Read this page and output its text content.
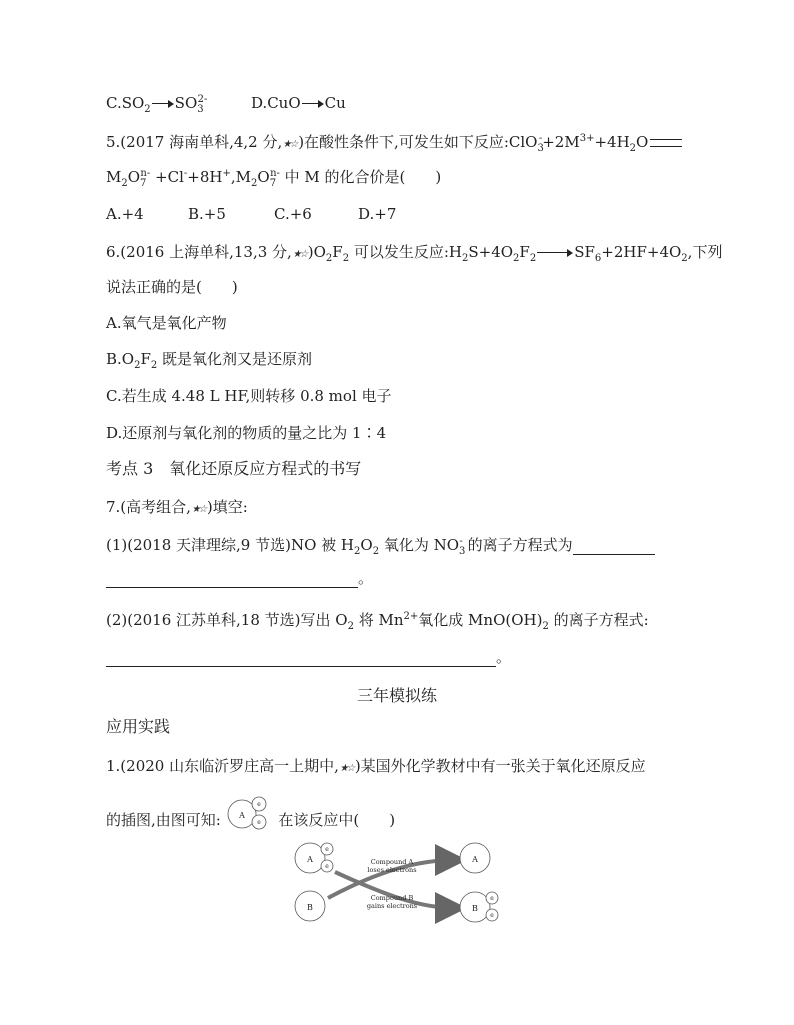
$C.SO_2$ $SO_3^{2-}$	D.CuO Cu
5.(2017 海南单科,4,2 分,★☆)在酸性条件下,可发生如下反应$:ClO_3^-+2M^{3+}+4H_2O$
$M_2O_7^{n-} +Cl^-+8H^+,M_2O_7^{n-}$ 中 M 的化合价是(　　)
A.+4	B.+5	C.+6	D.+7
6.(2016 上海单科,13,3 分$,★☆)O_2F_2$ 可以发生反应$:H_2S+4O_2F_2$	$SF_6+2HF+4O_2$,下列
说法正确的是(　　)
A.氧气是氧化产物
$B.O_2F_2$ 既是氧化剂又是还原剂
C.若生成 4.48 L HF,则转移 0.8 mol 电子
D.还原剂与氧化剂的物质的量之比为 1∶4
考点 3　氧化还原反应方程式的书写
7.(高考组合,★☆)填空:
(1)(2018 天津理综,9 节选)NO 被 $H_2O_2$ 氧化为 $NO_3^-$ 的离子方程式为
。
(2)(2016 江苏单科,18 节选)写出 $O_2$ 将 $Mn^{2+}$氧化成 $MnO(OH)_2$ 的离子方程式:
。
三年模拟练
应用实践
1.(2020 山东临沂罗庄高一上期中,★☆)某国外化学教材中有一张关于氧化还原反应
的插图,由图可知: A
e
e 在该反应中(　　)
A
e
e
B
Compound A
loses electrons
Compound B
gains electrons
A
B
e
e
